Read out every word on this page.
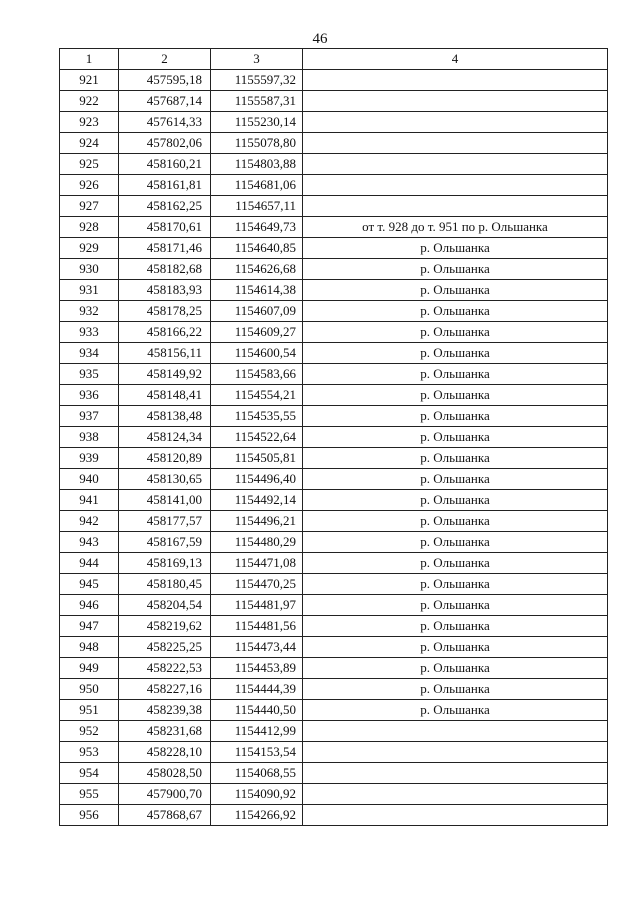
46
1	2	3	4
921	457595,18	1155597,32	
922	457687,14	1155587,31	
923	457614,33	1155230,14	
924	457802,06	1155078,80	
925	458160,21	1154803,88	
926	458161,81	1154681,06	
927	458162,25	1154657,11	
928	458170,61	1154649,73	от т. 928 до т. 951 по р. Ольшанка
929	458171,46	1154640,85	р. Ольшанка
930	458182,68	1154626,68	р. Ольшанка
931	458183,93	1154614,38	р. Ольшанка
932	458178,25	1154607,09	р. Ольшанка
933	458166,22	1154609,27	р. Ольшанка
934	458156,11	1154600,54	р. Ольшанка
935	458149,92	1154583,66	р. Ольшанка
936	458148,41	1154554,21	р. Ольшанка
937	458138,48	1154535,55	р. Ольшанка
938	458124,34	1154522,64	р. Ольшанка
939	458120,89	1154505,81	р. Ольшанка
940	458130,65	1154496,40	р. Ольшанка
941	458141,00	1154492,14	р. Ольшанка
942	458177,57	1154496,21	р. Ольшанка
943	458167,59	1154480,29	р. Ольшанка
944	458169,13	1154471,08	р. Ольшанка
945	458180,45	1154470,25	р. Ольшанка
946	458204,54	1154481,97	р. Ольшанка
947	458219,62	1154481,56	р. Ольшанка
948	458225,25	1154473,44	р. Ольшанка
949	458222,53	1154453,89	р. Ольшанка
950	458227,16	1154444,39	р. Ольшанка
951	458239,38	1154440,50	р. Ольшанка
952	458231,68	1154412,99	
953	458228,10	1154153,54	
954	458028,50	1154068,55	
955	457900,70	1154090,92	
956	457868,67	1154266,92	
